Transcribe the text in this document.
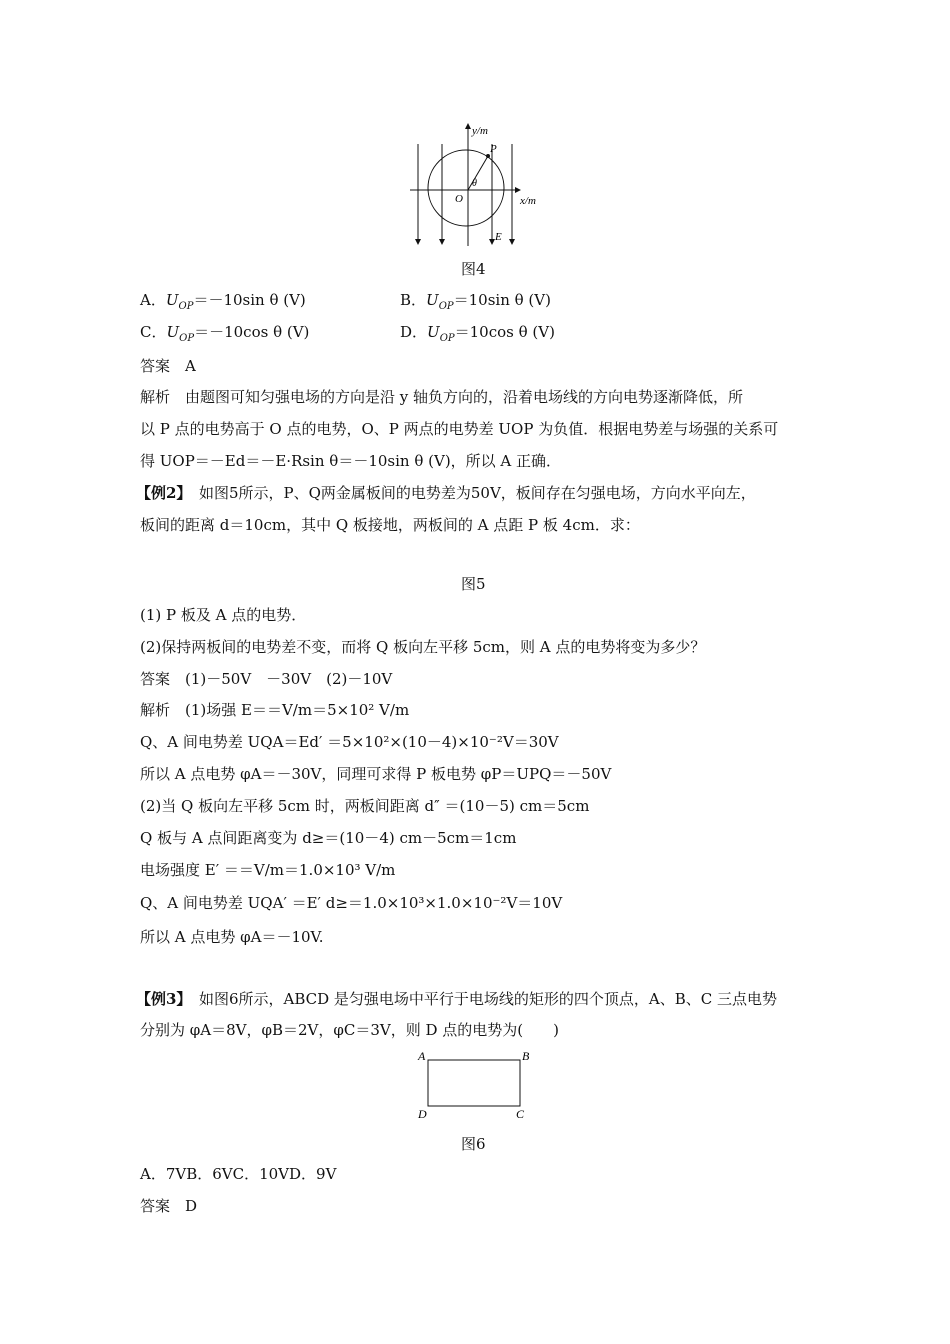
y/m
P
θ
O	x/m
E
图4
A．$U_{OP}=-10\sin$ θ (V)	B．$U_{OP}=10\sin$ θ (V)
C．$U_{OP}=-10\cos$ θ (V)	D．$U_{OP}=10\cos$ θ (V)
答案　A
解析　由题图可知匀强电场的方向是沿 y 轴负方向的，沿着电场线的方向电势逐渐降低，所
以 P 点的电势高于 O 点的电势，O、P 两点的电势差 UOP 为负值．根据电势差与场强的关系可
得 UOP＝－Ed＝－E·Rsin θ＝－10sin θ (V)，所以 A 正确．
【例2】　如图5所示，P、Q两金属板间的电势差为50V，板间存在匀强电场，方向水平向左，
板间的距离 d＝10cm，其中 Q 板接地，两板间的 A 点距 P 板 4cm．求：
图5
(1) P 板及 A 点的电势．
(2)保持两板间的电势差不变，而将 Q 板向左平移 5cm，则 A 点的电势将变为多少？
答案　(1)－50V　－30V　(2)－10V
解析　(1)场强 E＝＝V/m＝5×10² V/m
Q、A 间电势差 UQA＝Ed′ ＝5×10²×(10－4)×10⁻²V＝30V
所以 A 点电势 φA＝－30V，同理可求得 P 板电势 φP＝UPQ＝－50V
(2)当 Q 板向左平移 5cm 时，两板间距离 d″ ＝(10－5) cm＝5cm
Q 板与 A 点间距离变为 d≥＝(10－4) cm－5cm＝1cm
电场强度 E′ ＝＝V/m＝1.0×10³ V/m
Q、A 间电势差 UQA′ ＝E′ d≥＝1.0×10³×1.0×10⁻²V＝10V
所以 A 点电势 φA＝－10V.
【例3】　如图6所示，ABCD 是匀强电场中平行于电场线的矩形的四个顶点，A、B、C 三点电势
分别为 φA＝8V，φB＝2V，φC＝3V，则 D 点的电势为(　　)
A	B
D	C
图6
A．7VB．6VC．10VD．9V
答案　D
